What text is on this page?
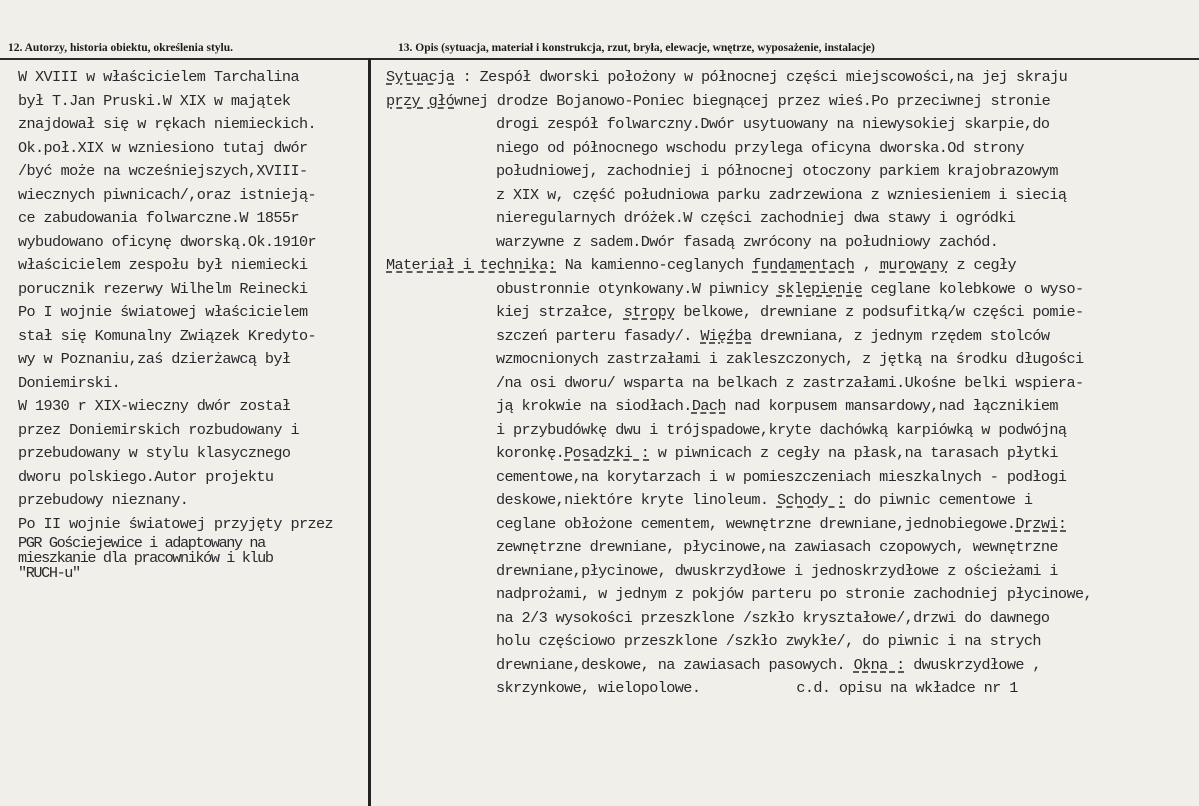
12. Autorzy, historia obiektu, określenia stylu.	13. Opis (sytuacja, materiał i konstrukcja, rzut, bryła, elewacje, wnętrze, wyposażenie, instalacje)
W XVIII w właścicielem Tarchalina
był T.Jan Pruski.W XIX w majątek
znajdował się w rękach niemieckich.
Ok.poł.XIX w wzniesiono tutaj dwór
/być może na wcześniejszych,XVIII-
wiecznych piwnicach/,oraz istnieją-
ce zabudowania folwarczne.W 1855r
wybudowano oficynę dworską.Ok.1910r
właścicielem zespołu był niemiecki
porucznik rezerwy Wilhelm Reinecki
Po I wojnie światowej właścicielem
stał się Komunalny Związek Kredyto-
wy w Poznaniu,zaś dzierżawcą był
Doniemirski.
W 1930 r XIX-wieczny dwór został
przez Doniemirskich rozbudowany i
przebudowany w stylu klasycznego
dworu polskiego.Autor projektu
przebudowy nieznany.
Po II wojnie światowej przyjęty przez
PGR Gościejewice i adaptowany na
mieszkanie dla pracowników i klub
"RUCH-u"
Sytuacja : Zespół dworski położony w północnej części miejscowości,na jej skraju
przy głównej drodze Bojanowo-Poniec biegnącej przez wieś.Po przeciwnej stronie
drogi zespół folwarczny.Dwór usytuowany na niewysokiej skarpie,do
niego od północnego wschodu przylega oficyna dworska.Od strony
południowej, zachodniej i północnej otoczony parkiem krajobrazowym
z XIX w, część południowa parku zadrzewiona z wzniesieniem i siecią
nieregularnych dróżek.W części zachodniej dwa stawy i ogródki
warzywne z sadem.Dwór fasadą zwrócony na południowy zachód.
Materiał i technika: Na kamienno-ceglanych fundamentach , murowany z cegły
obustronnie otynkowany.W piwnicy sklepienie ceglane kolebkowe o wyso-
kiej strzałce, stropy belkowe, drewniane z podsufitką/w części pomie-
szczeń parteru fasady/. Więźba drewniana, z jednym rzędem stolców
wzmocnionych zastrzałami i zakleszczonych, z jętką na środku długości
/na osi dworu/ wsparta na belkach z zastrzałami.Ukośne belki wspiera-
ją krokwie na siodłach.Dach nad korpusem mansardowy,nad łącznikiem
i przybudówkę dwu i trójspadowe,kryte dachówką karpiówką w podwójną
koronkę.Posadzki : w piwnicach z cegły na płask,na tarasach płytki
cementowe,na korytarzach i w pomieszczeniach mieszkalnych - podłogi
deskowe,niektóre kryte linoleum. Schody : do piwnic cementowe i
ceglane obłożone cementem, wewnętrzne drewniane,jednobiegowe.Drzwi:
zewnętrzne drewniane, płycinowe,na zawiasach czopowych, wewnętrzne
drewniane,płycinowe, dwuskrzydłowe i jednoskrzydłowe z ościeżami i
nadprożami, w jednym z pokjów parteru po stronie zachodniej płycinowe,
na 2/3 wysokości przeszklone /szkło kryształowe/,drzwi do dawnego
holu częściowo przeszklone /szkło zwykłe/, do piwnic i na strych
drewniane,deskowe, na zawiasach pasowych. Okna : dwuskrzydłowe ,
skrzynkowe, wielopolowe.	c.d. opisu na wkładce nr 1
